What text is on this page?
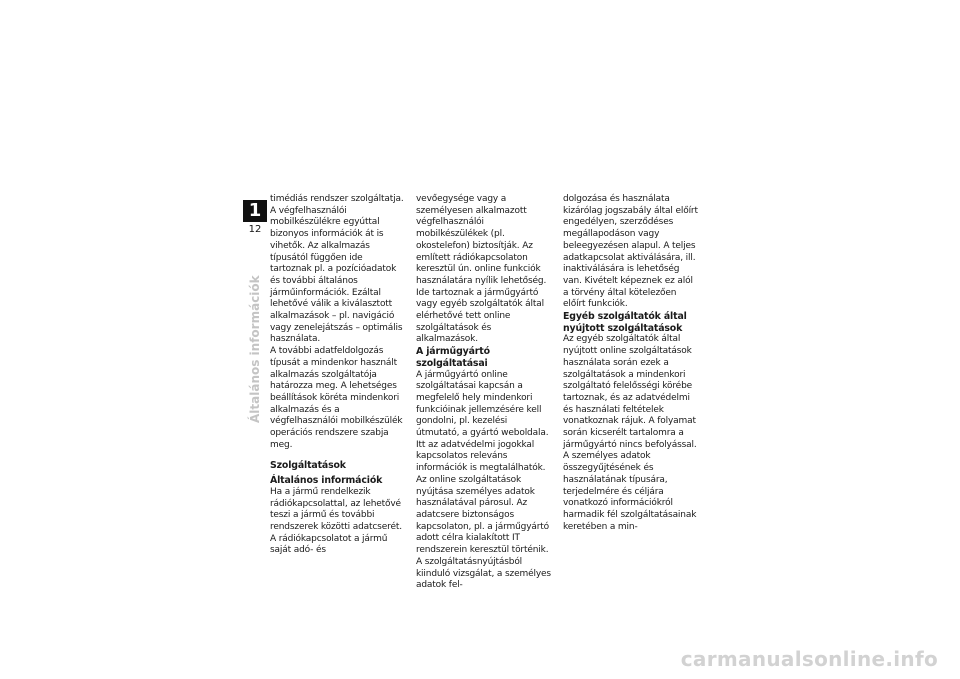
1
12
Általános információk

timédiás rendszer szolgáltatja. A végfelhasználói mobilkészülékre egyúttal bizonyos információk át is vihetők. Az alkalmazás típusától függően ide tartoznak pl. a pozícióadatok és további általános járműinformációk. Ezáltal lehetővé válik a kiválasztott alkalmazások – pl. navigáció vagy zenelejátszás – optimális használata.

A további adatfeldolgozás típusát a mindenkor használt alkalmazás szolgáltatója határozza meg. A lehetséges beállítások köréta mindenkori alkalmazás és a végfelhasználói mobilkészülék operációs rendszere szabja meg.

Szolgáltatások
Általános információk

Ha a jármű rendelkezik rádiókapcsolattal, az lehetővé teszi a jármű és további rendszerek közötti adatcserét. A rádiókapcsolatot a jármű saját adó- és

vevőegysége vagy a személyesen alkalmazott végfelhasználói mobilkészülékek (pl. okostelefon) biztosítják. Az említett rádiókapcsolaton keresztül ún. online funkciók használatára nyílik lehetőség. Ide tartoznak a járműgyártó vagy egyéb szolgáltatók által elérhetővé tett online szolgáltatások és alkalmazások.

A járműgyártó szolgáltatásai

A járműgyártó online szolgáltatásai kapcsán a megfelelő hely mindenkori funkcióinak jellemzésére kell gondolni, pl. kezelési útmutató, a gyártó weboldala. Itt az adatvédelmi jogokkal kapcsolatos releváns információk is megtalálhatók. Az online szolgáltatások nyújtása személyes adatok használatával párosul. Az adatcsere biztonságos kapcsolaton, pl. a járműgyártó adott célra kialakított IT rendszerein keresztül történik. A szolgáltatásnyújtásból kiinduló vizsgálat, a személyes adatok fel-

dolgozása és használata kizárólag jogszabály által előírt engedélyen, szerződéses megállapodáson vagy beleegyezésen alapul. A teljes adatkapcsolat aktiválására, ill. inaktiválására is lehetőség van. Kivételt képeznek ez alól a törvény által kötelezően előírt funkciók.

Egyéb szolgáltatók által nyújtott szolgáltatások

Az egyéb szolgáltatók által nyújtott online szolgáltatások használata során ezek a szolgáltatások a mindenkori szolgáltató felelősségi körébe tartoznak, és az adatvédelmi és használati feltételek vonatkoznak rájuk. A folyamat során kicserélt tartalomra a járműgyártó nincs befolyással. A személyes adatok összegyűjtésének és használatának típusára, terjedelmére és céljára vonatkozó információkról harmadik fél szolgáltatásainak keretében a min-

carmanualsonline.info
